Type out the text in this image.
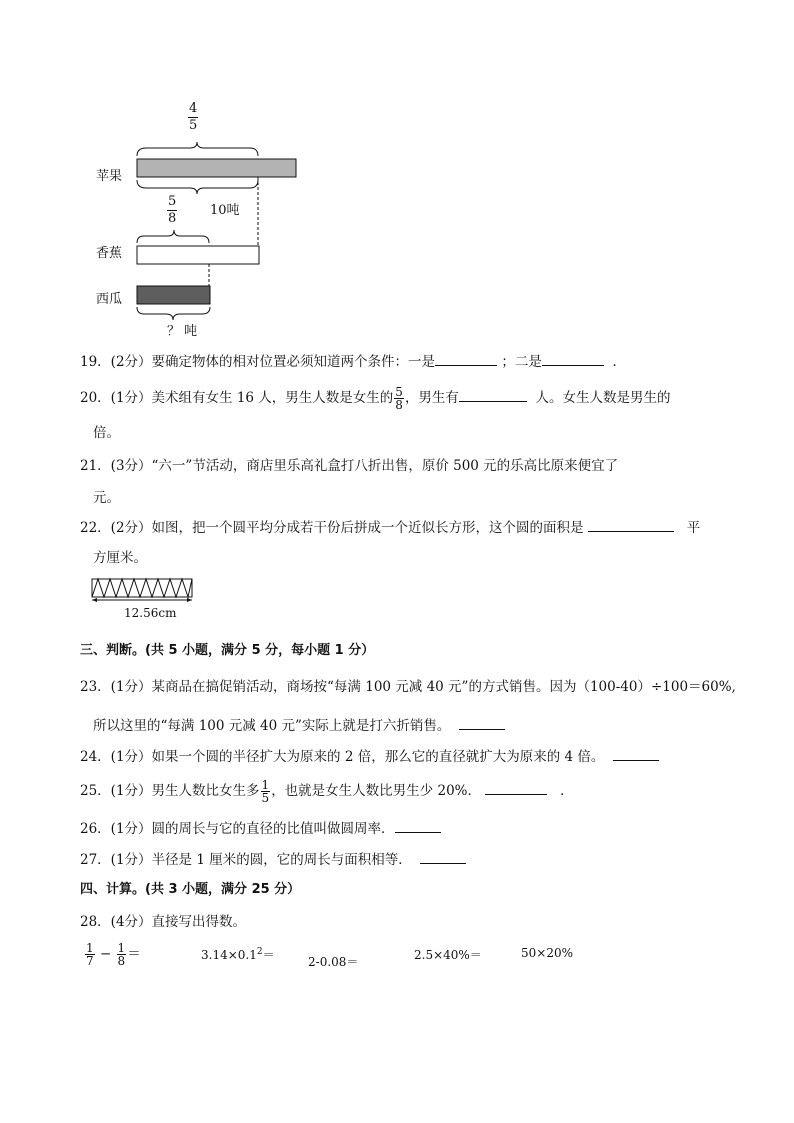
$\frac{4}{5}$
苹果
10吨
$\frac{5}{8}$
香蕉
西瓜
？ 吨
19．(2分）要确定物体的相对位置必须知道两个条件：一是	；二是	．
20．(1分）美术组有女生 16 人，男生人数是女生的 $\frac{5}{8}$ ，男生有	人。女生人数是男生的
倍。
21．(3分）“六一”节活动，商店里乐高礼盒打八折出售，原价 500 元的乐高比原来便宜了
元。
22．(2分）如图，把一个圆平均分成若干份后拼成一个近似长方形，这个圆的面积是	平
方厘米。
12.56cm
三、判断。(共 5 小题，满分 5 分，每小题 1 分）
23．(1分）某商品在搞促销活动，商场按“每满 100 元减 40 元”的方式销售。因为（100-40）÷100＝60%,
所以这里的“每满 100 元减 40 元”实际上就是打六折销售。
24．(1分）如果一个圆的半径扩大为原来的 2 倍，那么它的直径就扩大为原来的 4 倍。
25．(1分）男生人数比女生多 $\frac{1}{5}$ ，也就是女生人数比男生少 20%．	．
26．(1分）圆的周长与它的直径的比值叫做圆周率．
27．(1分）半径是 1 厘米的圆，它的周长与面积相等．
四、计算。(共 3 小题，满分 25 分）
28．(4分）直接写出得数。
$\frac{1}{7} - \frac{1}{8}$ ＝	$3.14\times 0.1^2=$	2-0.08＝	2.5×40%＝	50×20%
